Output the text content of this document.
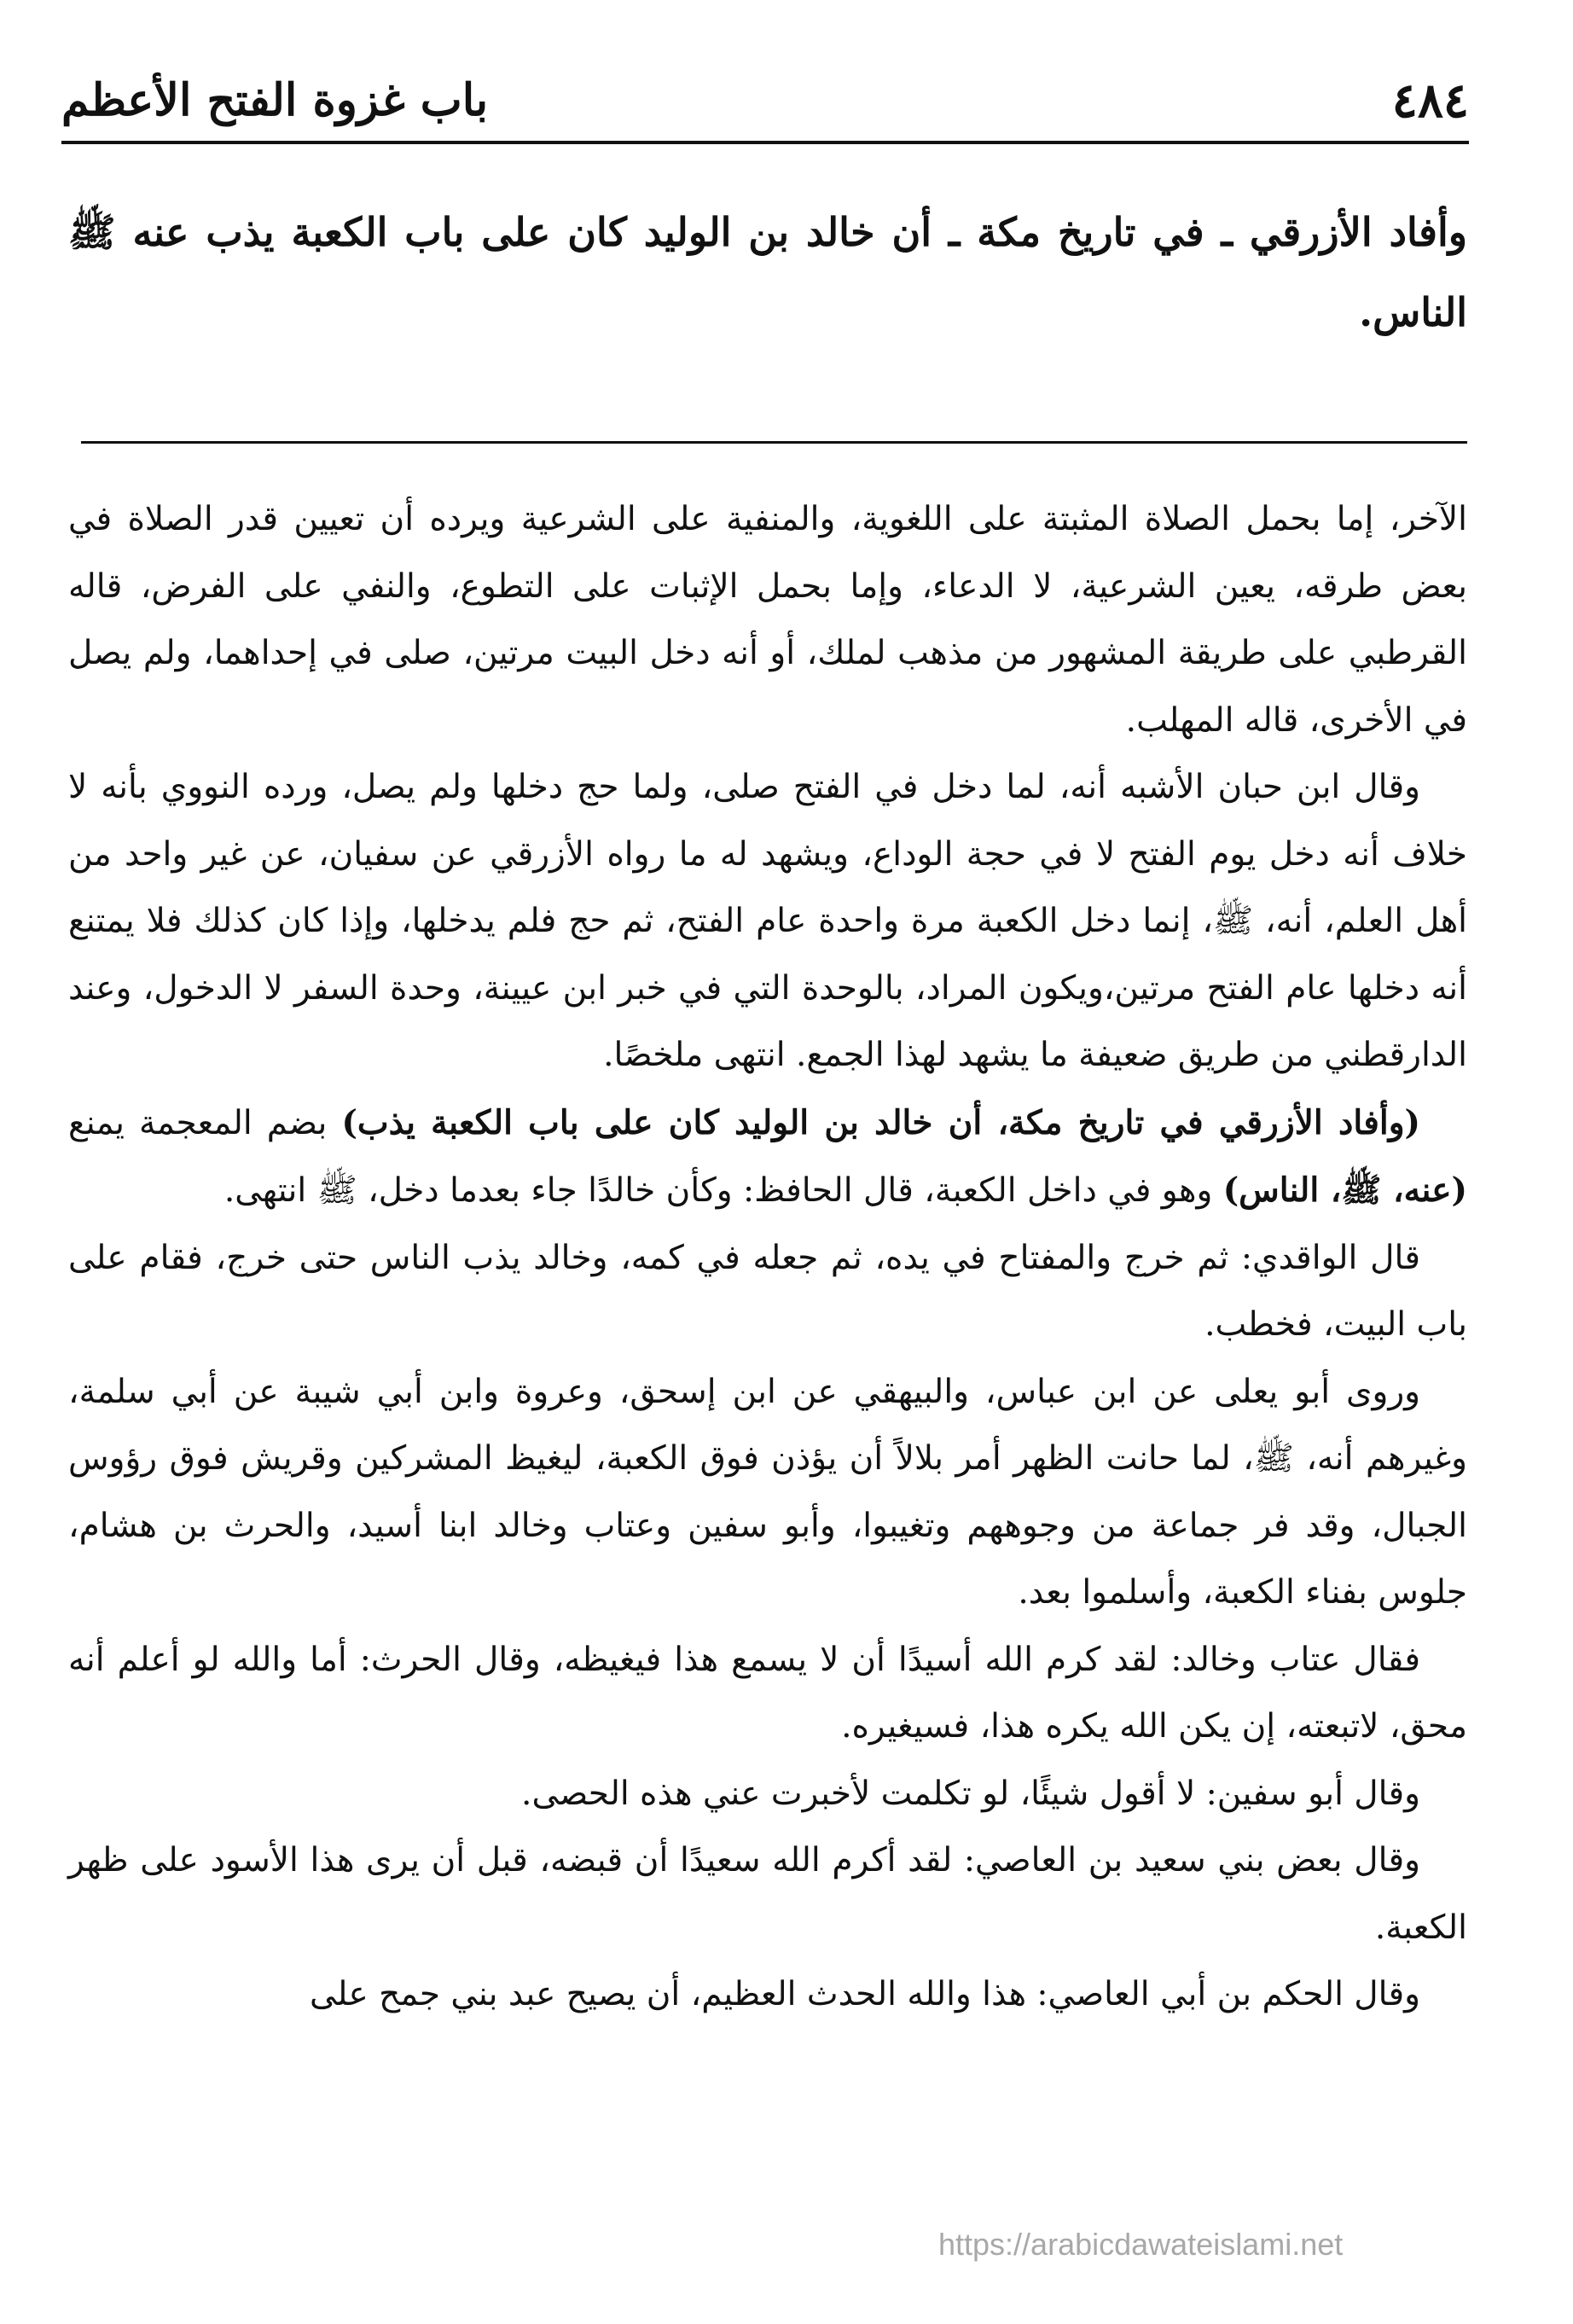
٤٨٤
باب غزوة الفتح الأعظم

وأفاد الأزرقي ـ في تاريخ مكة ـ أن خالد بن الوليد كان على باب الكعبة يذب عنه ﷺ الناس.

الآخر، إما بحمل الصلاة المثبتة على اللغوية، والمنفية على الشرعية ويرده أن تعيين قدر الصلاة في بعض طرقه، يعين الشرعية، لا الدعاء، وإما بحمل الإثبات على التطوع، والنفي على الفرض، قاله القرطبي على طريقة المشهور من مذهب لملك، أو أنه دخل البيت مرتين، صلى في إحداهما، ولم يصل في الأخرى، قاله المهلب.

وقال ابن حبان الأشبه أنه، لما دخل في الفتح صلى، ولما حج دخلها ولم يصل، ورده النووي بأنه لا خلاف أنه دخل يوم الفتح لا في حجة الوداع، ويشهد له ما رواه الأزرقي عن سفيان، عن غير واحد من أهل العلم، أنه، ﷺ، إنما دخل الكعبة مرة واحدة عام الفتح، ثم حج فلم يدخلها، وإذا كان كذلك فلا يمتنع أنه دخلها عام الفتح مرتين،ويكون المراد، بالوحدة التي في خبر ابن عيينة، وحدة السفر لا الدخول، وعند الدارقطني من طريق ضعيفة ما يشهد لهذا الجمع. انتهى ملخصًا.

(وأفاد الأزرقي في تاريخ مكة، أن خالد بن الوليد كان على باب الكعبة يذب) بضم المعجمة يمنع (عنه، ﷺ، الناس) وهو في داخل الكعبة، قال الحافظ: وكأن خالدًا جاء بعدما دخل، ﷺ انتهى.

قال الواقدي: ثم خرج والمفتاح في يده، ثم جعله في كمه، وخالد يذب الناس حتى خرج، فقام على باب البيت، فخطب.

وروى أبو يعلى عن ابن عباس، والبيهقي عن ابن إسحق، وعروة وابن أبي شيبة عن أبي سلمة، وغيرهم أنه، ﷺ، لما حانت الظهر أمر بلالاً أن يؤذن فوق الكعبة، ليغيظ المشركين وقريش فوق رؤوس الجبال، وقد فر جماعة من وجوههم وتغيبوا، وأبو سفين وعتاب وخالد ابنا أسيد، والحرث بن هشام، جلوس بفناء الكعبة، وأسلموا بعد.

فقال عتاب وخالد: لقد كرم الله أسيدًا أن لا يسمع هذا فيغيظه، وقال الحرث: أما والله لو أعلم أنه محق، لاتبعته، إن يكن الله يكره هذا، فسيغيره.

وقال أبو سفين: لا أقول شيئًا، لو تكلمت لأخبرت عني هذه الحصى.

وقال بعض بني سعيد بن العاصي: لقد أكرم الله سعيدًا أن قبضه، قبل أن يرى هذا الأسود على ظهر الكعبة.

وقال الحكم بن أبي العاصي: هذا والله الحدث العظيم، أن يصيح عبد بني جمح على

https://arabicdawateislami.net
